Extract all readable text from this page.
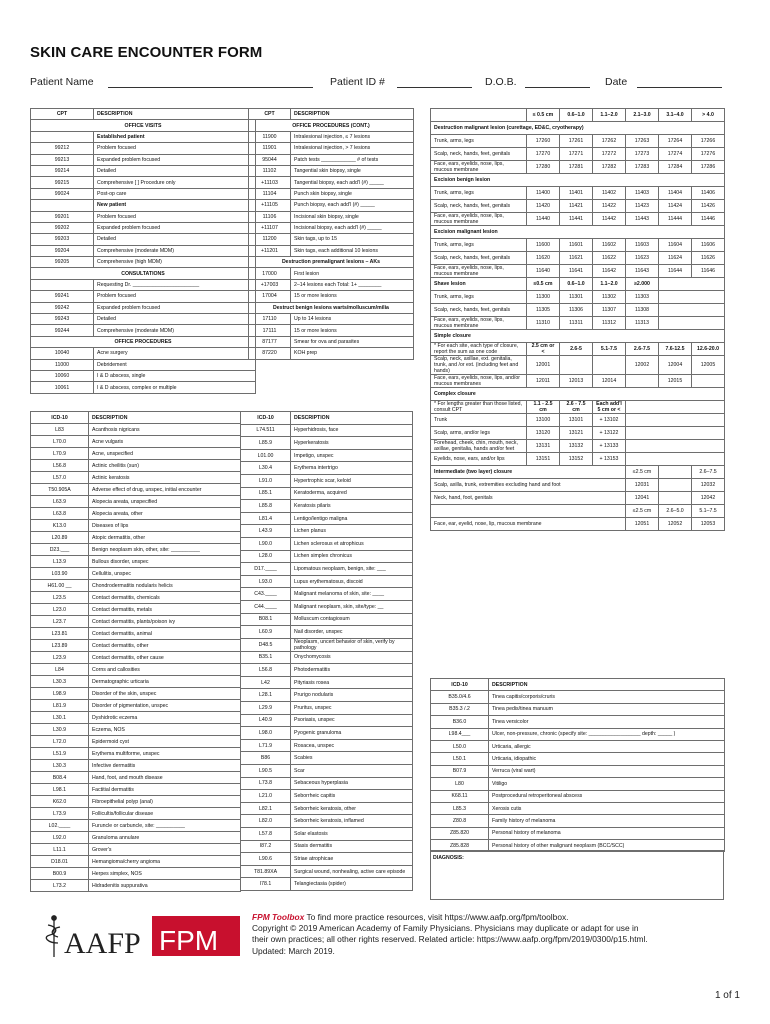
SKIN CARE ENCOUNTER FORM
Patient Name	Patient ID #	D.O.B.	Date
CPT	DESCRIPTION
OFFICE VISITS	
	Established patient
99212	Problem focused
99213	Expanded problem focused
99214	Detailed
99215	Comprehensive [ ] Procedure only
99024	Post-op care
	New patient
99201	Problem focused
99202	Expanded problem focused
99203	Detailed
99204	Comprehensive (moderate MDM)
99205	Comprehensive (high MDM)
CONSULTATIONS	
	Requesting Dr. _______________________
99241	Problem focused
99242	Expanded problem focused
99243	Detailed
99244	Comprehensive (moderate MDM)
OFFICE PROCEDURES	
10040	Acne surgery
11000	Debridement
10060	I & D abscess, single
10061	I & D abscess, complex or multiple
CPT	DESCRIPTION
OFFICE PROCEDURES (CONT.)	
11900	Intralesional injection, ≤ 7 lesions
11901	Intralesional injection, > 7 lesions
95044	Patch tests ____________ # of tests
11102	Tangential skin biopsy, single
+11103	Tangential biopsy, each add'l (#) _____
11104	Punch skin biopsy, single
+11105	Punch biopsy, each add'l (#) _____
11106	Incisional skin biopsy, single
+11107	Incisional biopsy, each add'l (#) _____
11200	Skin tags, up to 15
+11201	Skin tags, each additional 10 lesions
Destruction premalignant lesions – AKs	
17000	First lesion
+17003	2–14 lesions each Total: 1+ ________
17004	15 or more lesions
Destruct benign lesions warts/molluscum/milia	
17110	Up to 14 lesions
17111	15 or more lesions
87177	Smear for ova and parasites
87220	KOH prep
ICD-10	DESCRIPTION
L83	Acanthosis nigricans
L70.0	Acne vulgaris
L70.9	Acne, unspecified
L56.8	Actinic cheilitis (sun)
L57.0	Actinic keratosis
T50.905A	Adverse effect of drug, unspec, initial encounter
L63.9	Alopecia areata, unspecified
L63.8	Alopecia areata, other
K13.0	Diseases of lips
L20.89	Atopic dermatitis, other
D23.___	Benign neoplasm skin, other, site: __________
L13.9	Bullous disorder, unspec
L03.90	Cellulitis, unspec
H61.00 __	Chondrodermatitis nodularis helicis
L23.5	Contact dermatitis, chemicals
L23.0	Contact dermatitis, metals
L23.7	Contact dermatitis, plants/poison ivy
L23.81	Contact dermatitis, animal
L23.89	Contact dermatitis, other
L23.9	Contact dermatitis, other cause
L84	Corns and callosities
L30.3	Dermatographic urticaria
L98.9	Disorder of the skin, unspec
L81.9	Disorder of pigmentation, unspec
L30.1	Dyshidrotic eczema
L30.9	Eczema, NOS
L72.0	Epidermoid cyst
L51.9	Erythema multiforme, unspec
L30.3	Infective dermatitis
B08.4	Hand, foot, and mouth disease
L98.1	Factitial dermatitis
K62.0	Fibroepithelial polyp (anal)
L73.9	Follicultis/follicular disease
L02.____	Furuncle or carbuncle, site: __________
L92.0	Granuloma annulare
L11.1	Grover's
D18.01	Hemangioma/cherry angioma
B00.9	Herpes simplex, NOS
L73.2	Hidradenitis suppurativa
ICD-10	DESCRIPTION
L74.511	Hyperhidrosis, face
L85.9	Hyperkeratosis
L01.00	Impetigo, unspec
L30.4	Erythema intertrigo
L91.0	Hypertrophic scar, keloid
L85.1	Keratoderma, acquired
L85.8	Keratosis pilaris
L81.4	Lentigo/lentigo maligna
L43.9	Lichen planus
L90.0	Lichen sclerosus et atrophicus
L28.0	Lichen simplex chronicus
D17.____	Lipomatous neoplasm, benign, site: ___
L93.0	Lupus erythematosus, discoid
C43.____	Malignant melanoma of skin, site: ____
C44.____	Malignant neoplasm, skin, site/type: __
B08.1	Molluscum contagiosum
L60.9	Nail disorder, unspec
D48.5	Neoplasm, uncert behavior of skin, verify by pathology
B35.1	Onychomycosis
L56.8	Photodermatitis
L42	Pityriasis rosea
L28.1	Prurigo nodularis
L29.9	Pruritus, unspec
L40.9	Psoriasis, unspec
L98.0	Pyogenic granuloma
L71.9	Rosacea, unspec
B86	Scabies
L90.5	Scar
L73.8	Sebaceous hyperplasia
L21.0	Seborrheic capitis
L82.1	Seborrheic keratosis, other
L82.0	Seborrheic keratosis, inflamed
L57.8	Solar elastosis
I87.2	Stasis dermatitis
L90.6	Striae atrophicae
T81.89XA	Surgical wound, nonhealing, active care episode
I78.1	Telangiectasia (spider)
	≤ 0.5 cm	0.6–1.0	1.1–2.0	2.1–3.0	3.1–4.0	> 4.0
Destruction malignant lesion (curettage, ED&C, cryotherapy)						
Trunk, arms, legs	17260	17261	17262	17263	17264	17266
Scalp, neck, hands, feet, genitals	17270	17271	17272	17273	17274	17276
Face, ears, eyelids, nose, lips, mucous membrane	17280	17281	17282	17283	17284	17286
Excision benign lesion						
Trunk, arms, legs	11400	11401	11402	11403	11404	11406
Scalp, neck, hands, feet, genitals	11420	11421	11422	11423	11424	11426
Face, ears, eyelids, nose, lips, mucous membrane	11440	11441	11442	11443	11444	11446
Excision malignant lesion						
Trunk, arms, legs	11600	11601	11602	11603	11604	11606
Scalp, neck, hands, feet, genitals	11620	11621	11622	11623	11624	11626
Face, ears, eyelids, nose, lips, mucous membrane	11640	11641	11642	11643	11644	11646
Shave lesion	≤0.5 cm	0.6–1.0	1.1–2.0	≥2.000		
Trunk, arms, legs	11300	11301	11302	11303		
Scalp, neck, hands, feet, genitals	11305	11306	11307	11308		
Face, ears, eyelids, nose, lips, mucous membrane	11310	11311	11312	11313		
Simple closure						
* For each site, each type of closure, report the sum as one code	2.5 cm or <	2.6-5	5.1-7.5	2.6-7.5	7.6-12.5	12.6-20.0
Scalp, neck, axillae, ext. genitalia, trunk, and /or ext. (including feet and hands)	12001			12002	12004	12005
Face, ears, eyelids, nose, lips, and/or mucous membranes	12011	12013	12014		12015	
Complex closure						
* For lengths greater than those listed, consult CPT	1.1 - 2.5 cm	2.6 - 7.5 cm	Each add'l 5 cm or <			
Trunk	13100	13101	+ 13102			
Scalp, arms, and/or legs	13120	13121	+ 13122			
Forehead, cheek, chin, mouth, neck, axillae, genitalia, hands and/or feet	13131	13132	+ 13133			
Eyelids, nose, ears, and/or lips	13151	13152	+ 13153			
Intermediate (two layer) closure				≤2.5 cm		2.6–7.5
Scalp, axilla, trunk, extremities excluding hand and foot				12031		12032
Neck, hand, foot, genitals				12041		12042
				≤2.5 cm	2.6–5.0	5.1–7.5
Face, ear, eyelid, nose, lip, mucous membrane				12051	12052	12053
ICD-10	DESCRIPTION
B35.0/4.6	Tinea capitis/corporis/cruris
B35.3 /.2	Tinea pedis/tinea manuum
B36.0	Tinea versicolor
L98.4___	Ulcer, non-pressure, chronic (specify site: __________________ depth: _____ )
L50.0	Urticaria, allergic
L50.1	Urticaria, idiopathic
B07.9	Verruca (viral wart)
L80	Vitiligo
K68.11	Postprocedural retroperitoneal abscess
L85.3	Xerosis cutis
Z80.8	Family history of melanoma
Z85.820	Personal history of melanoma
Z85.828	Personal history of other malignant neoplasm (BCC/SCC)
DIAGNOSIS:
AAFP FPM
FPM Toolbox To find more practice resources, visit https://www.aafp.org/fpm/toolbox.
Copyright © 2019 American Academy of Family Physicians. Physicians may duplicate or adapt for use in
their own practices; all other rights reserved. Related article: https://www.aafp.org/fpm/2019/0300/p15.html.
Updated: March 2019.
1 of 1
